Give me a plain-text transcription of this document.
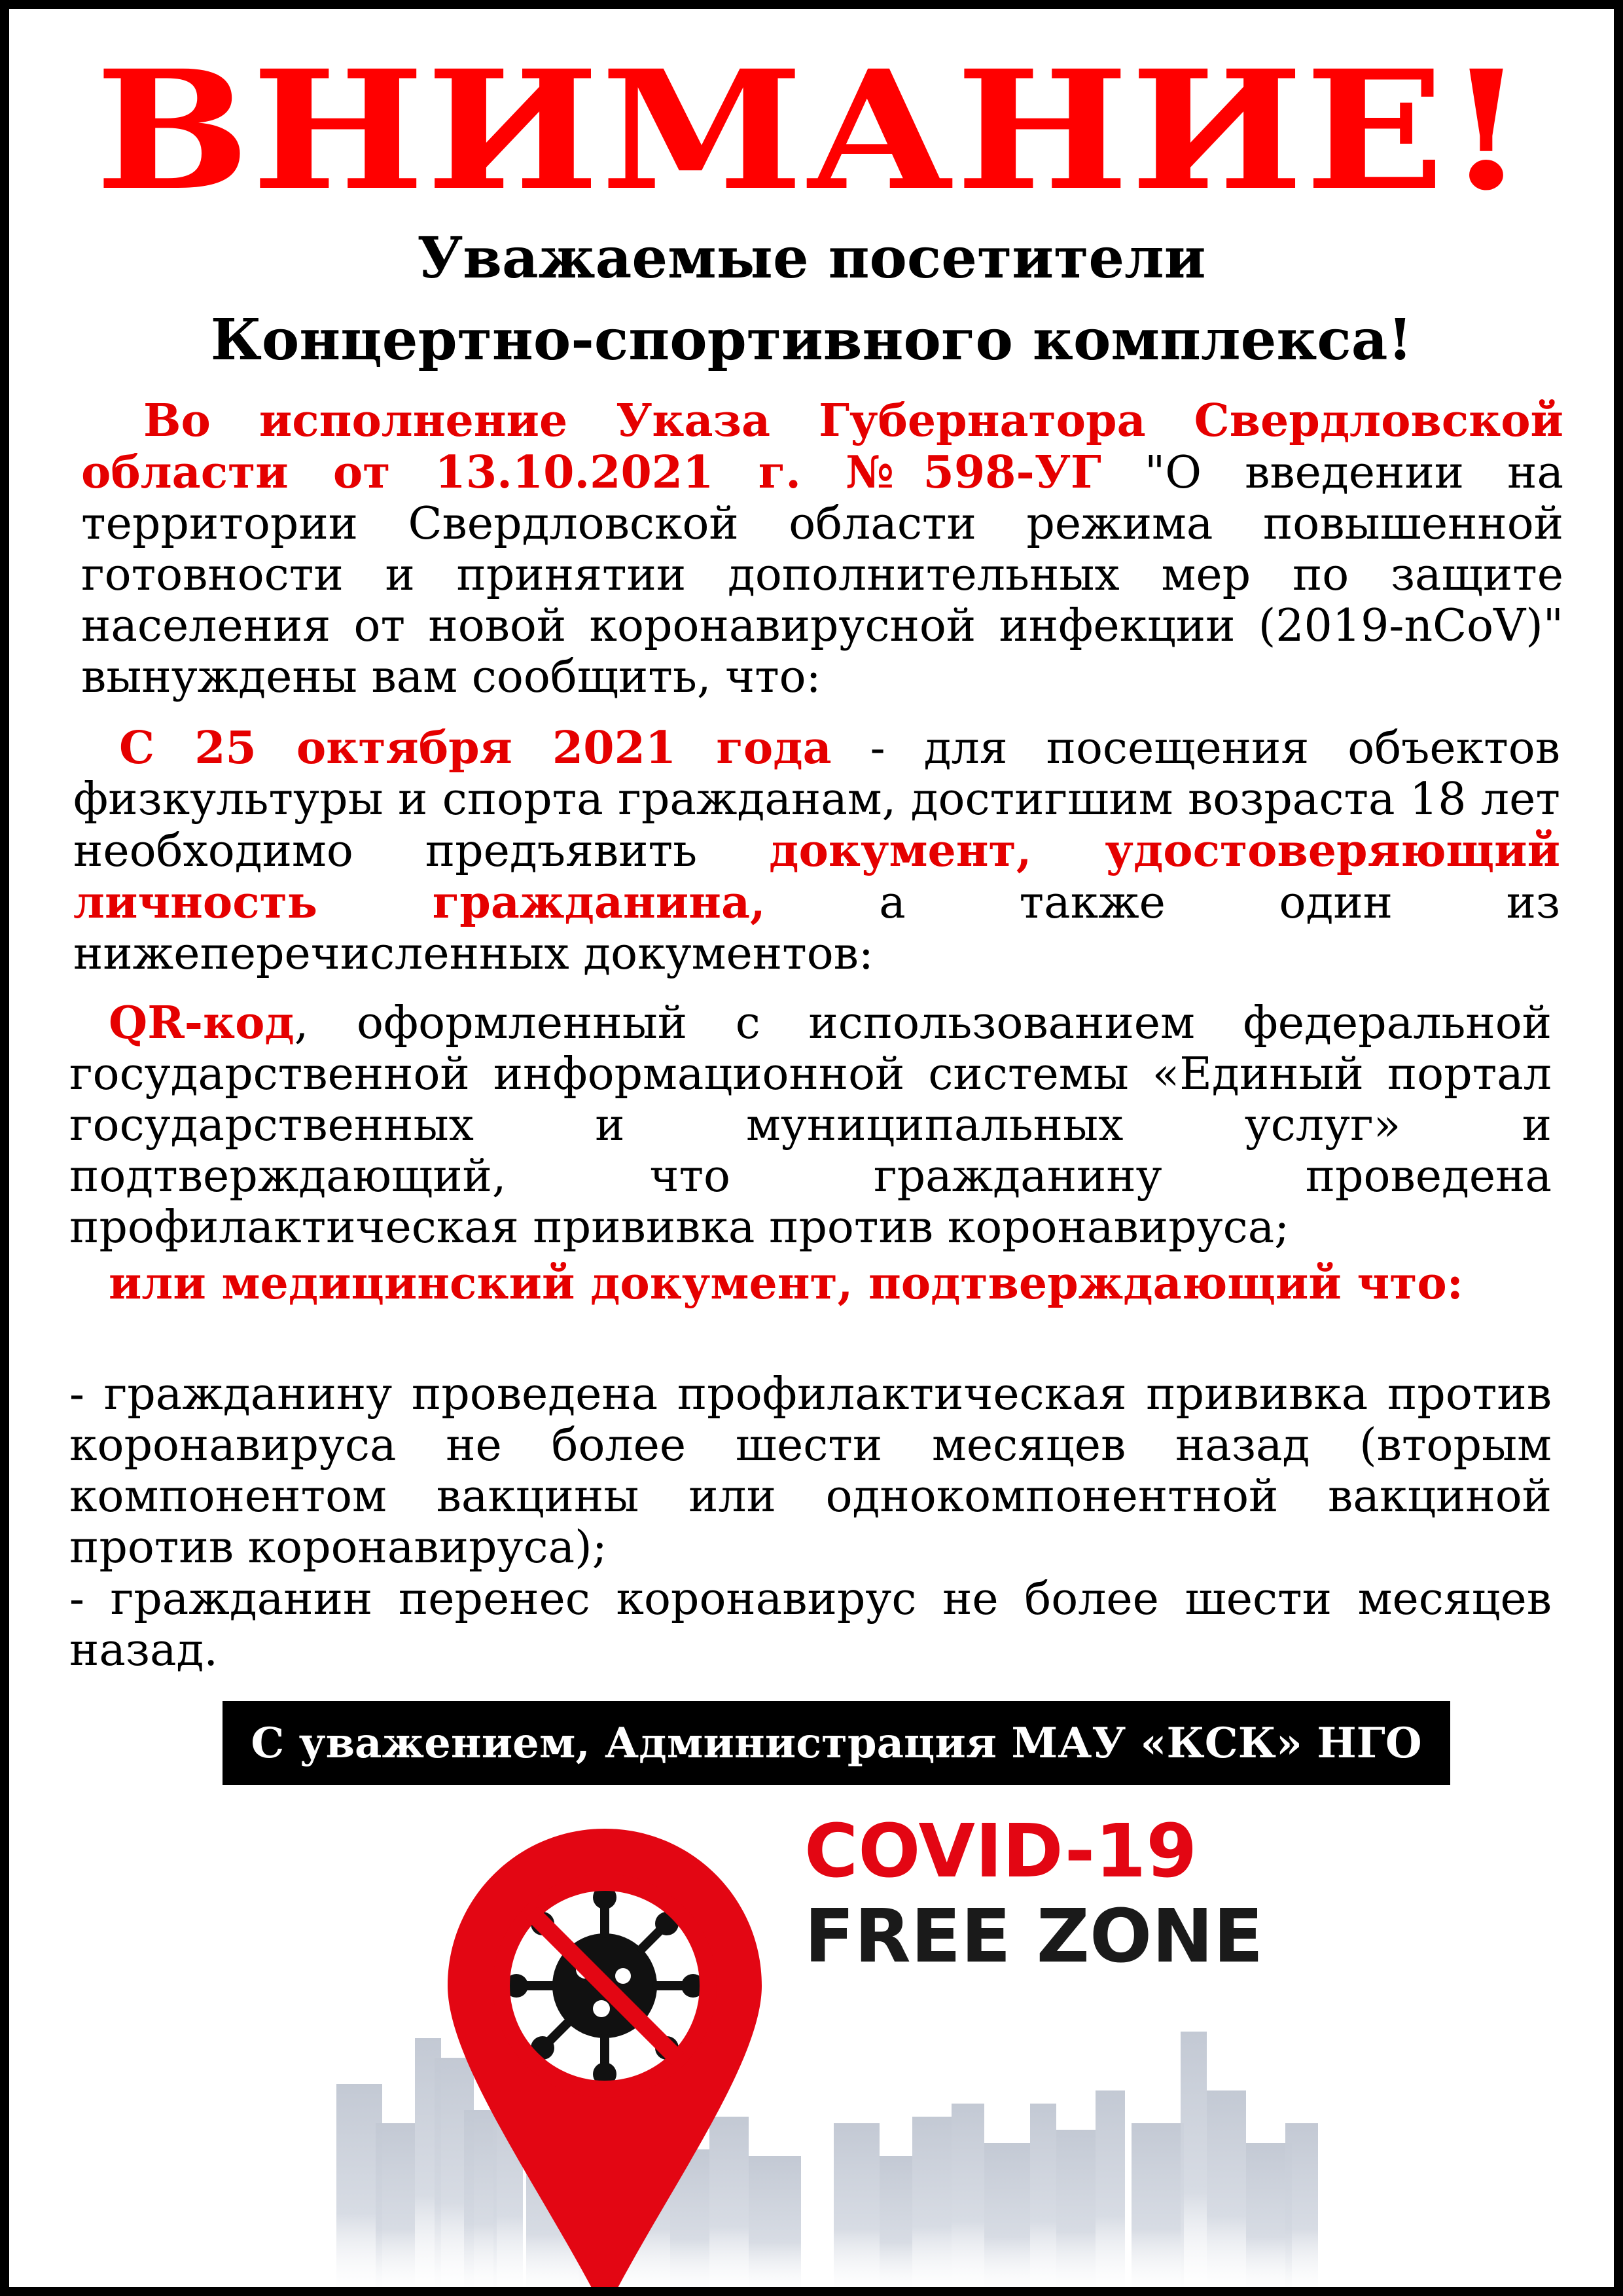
ВНИМАНИЕ!
Уважаемые посетители
Концертно-спортивного комплекса!
Во исполнение Указа Губернатора Свердловской области от 13.10.2021 г. №598-УГ "О введении на территории Свердловской области режима повышенной готовности и принятии дополнительных мер по защите населения от новой коронавирусной инфекции (2019-nCoV)" вынуждены вам сообщить, что:
С 25 октября 2021 года - для посещения объектов физкультуры и спорта гражданам, достигшим возраста 18 лет необходимо предъявить документ, удостоверяющий личность гражданина, а также один из нижеперечисленных документов:
QR-код, оформленный с использованием федеральной государственной информационной системы «Единый портал государственных и муниципальных услуг» и подтверждающий, что гражданину проведена профилактическая прививка против коронавируса;
или медицинский документ, подтверждающий что:
- гражданину проведена профилактическая прививка против коронавируса не более шести месяцев назад (вторым компонентом вакцины или однокомпонентной вакциной против коронавируса);
- гражданин перенес коронавирус не более шести месяцев назад.
С уважением, Администрация МАУ «КСК» НГО
COVID-19
FREE ZONE
